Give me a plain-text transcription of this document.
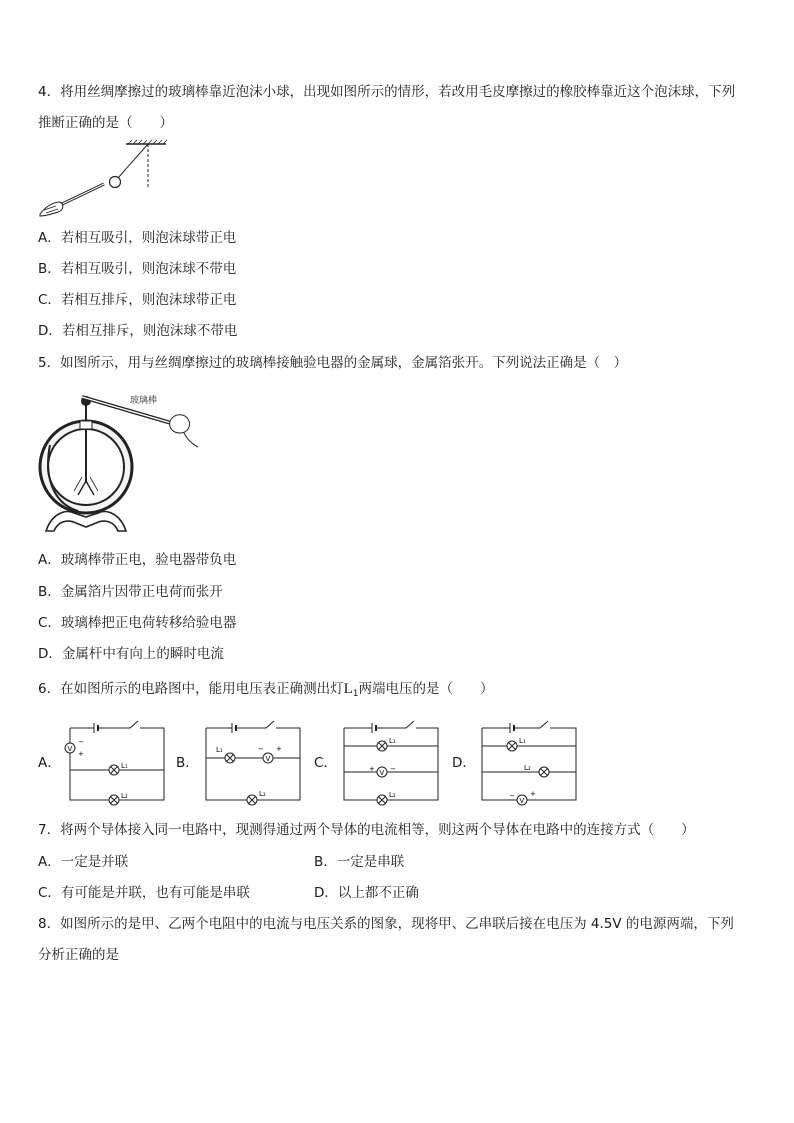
4．将用丝绸摩擦过的玻璃棒靠近泡沫小球，出现如图所示的情形，若改用毛皮摩擦过的橡胶棒靠近这个泡沫球，下列
推断正确的是（　　）
A．若相互吸引，则泡沫球带正电
B．若相互吸引，则泡沫球不带电
C．若相互排斥，则泡沫球带正电
D．若相互排斥，则泡沫球不带电
5．如图所示，用与丝绸摩擦过的玻璃棒接触验电器的金属球，金属箔张开。下列说法正确是（　）
玻璃棒
A．玻璃棒带正电，验电器带负电
B．金属箔片因带正电荷而张开
C．玻璃棒把正电荷转移给验电器
D．金属杆中有向上的瞬时电流
6．在如图所示的电路图中，能用电压表正确测出灯$L_1$两端电压的是（　　）
A．	B．	C．	D．
V
−
+
L₁
L₂
L₁
V
− +
L₂
L₁
V
+ −
L₂
L₁
L₂
V
− +
7．将两个导体接入同一电路中，现测得通过两个导体的电流相等，则这两个导体在电路中的连接方式（　　）
A．一定是并联	B．一定是串联
C．有可能是并联，也有可能是串联	D．以上都不正确
8．如图所示的是甲、乙两个电阻中的电流与电压关系的图象，现将甲、乙串联后接在电压为 4.5V 的电源两端，下列
分析正确的是
